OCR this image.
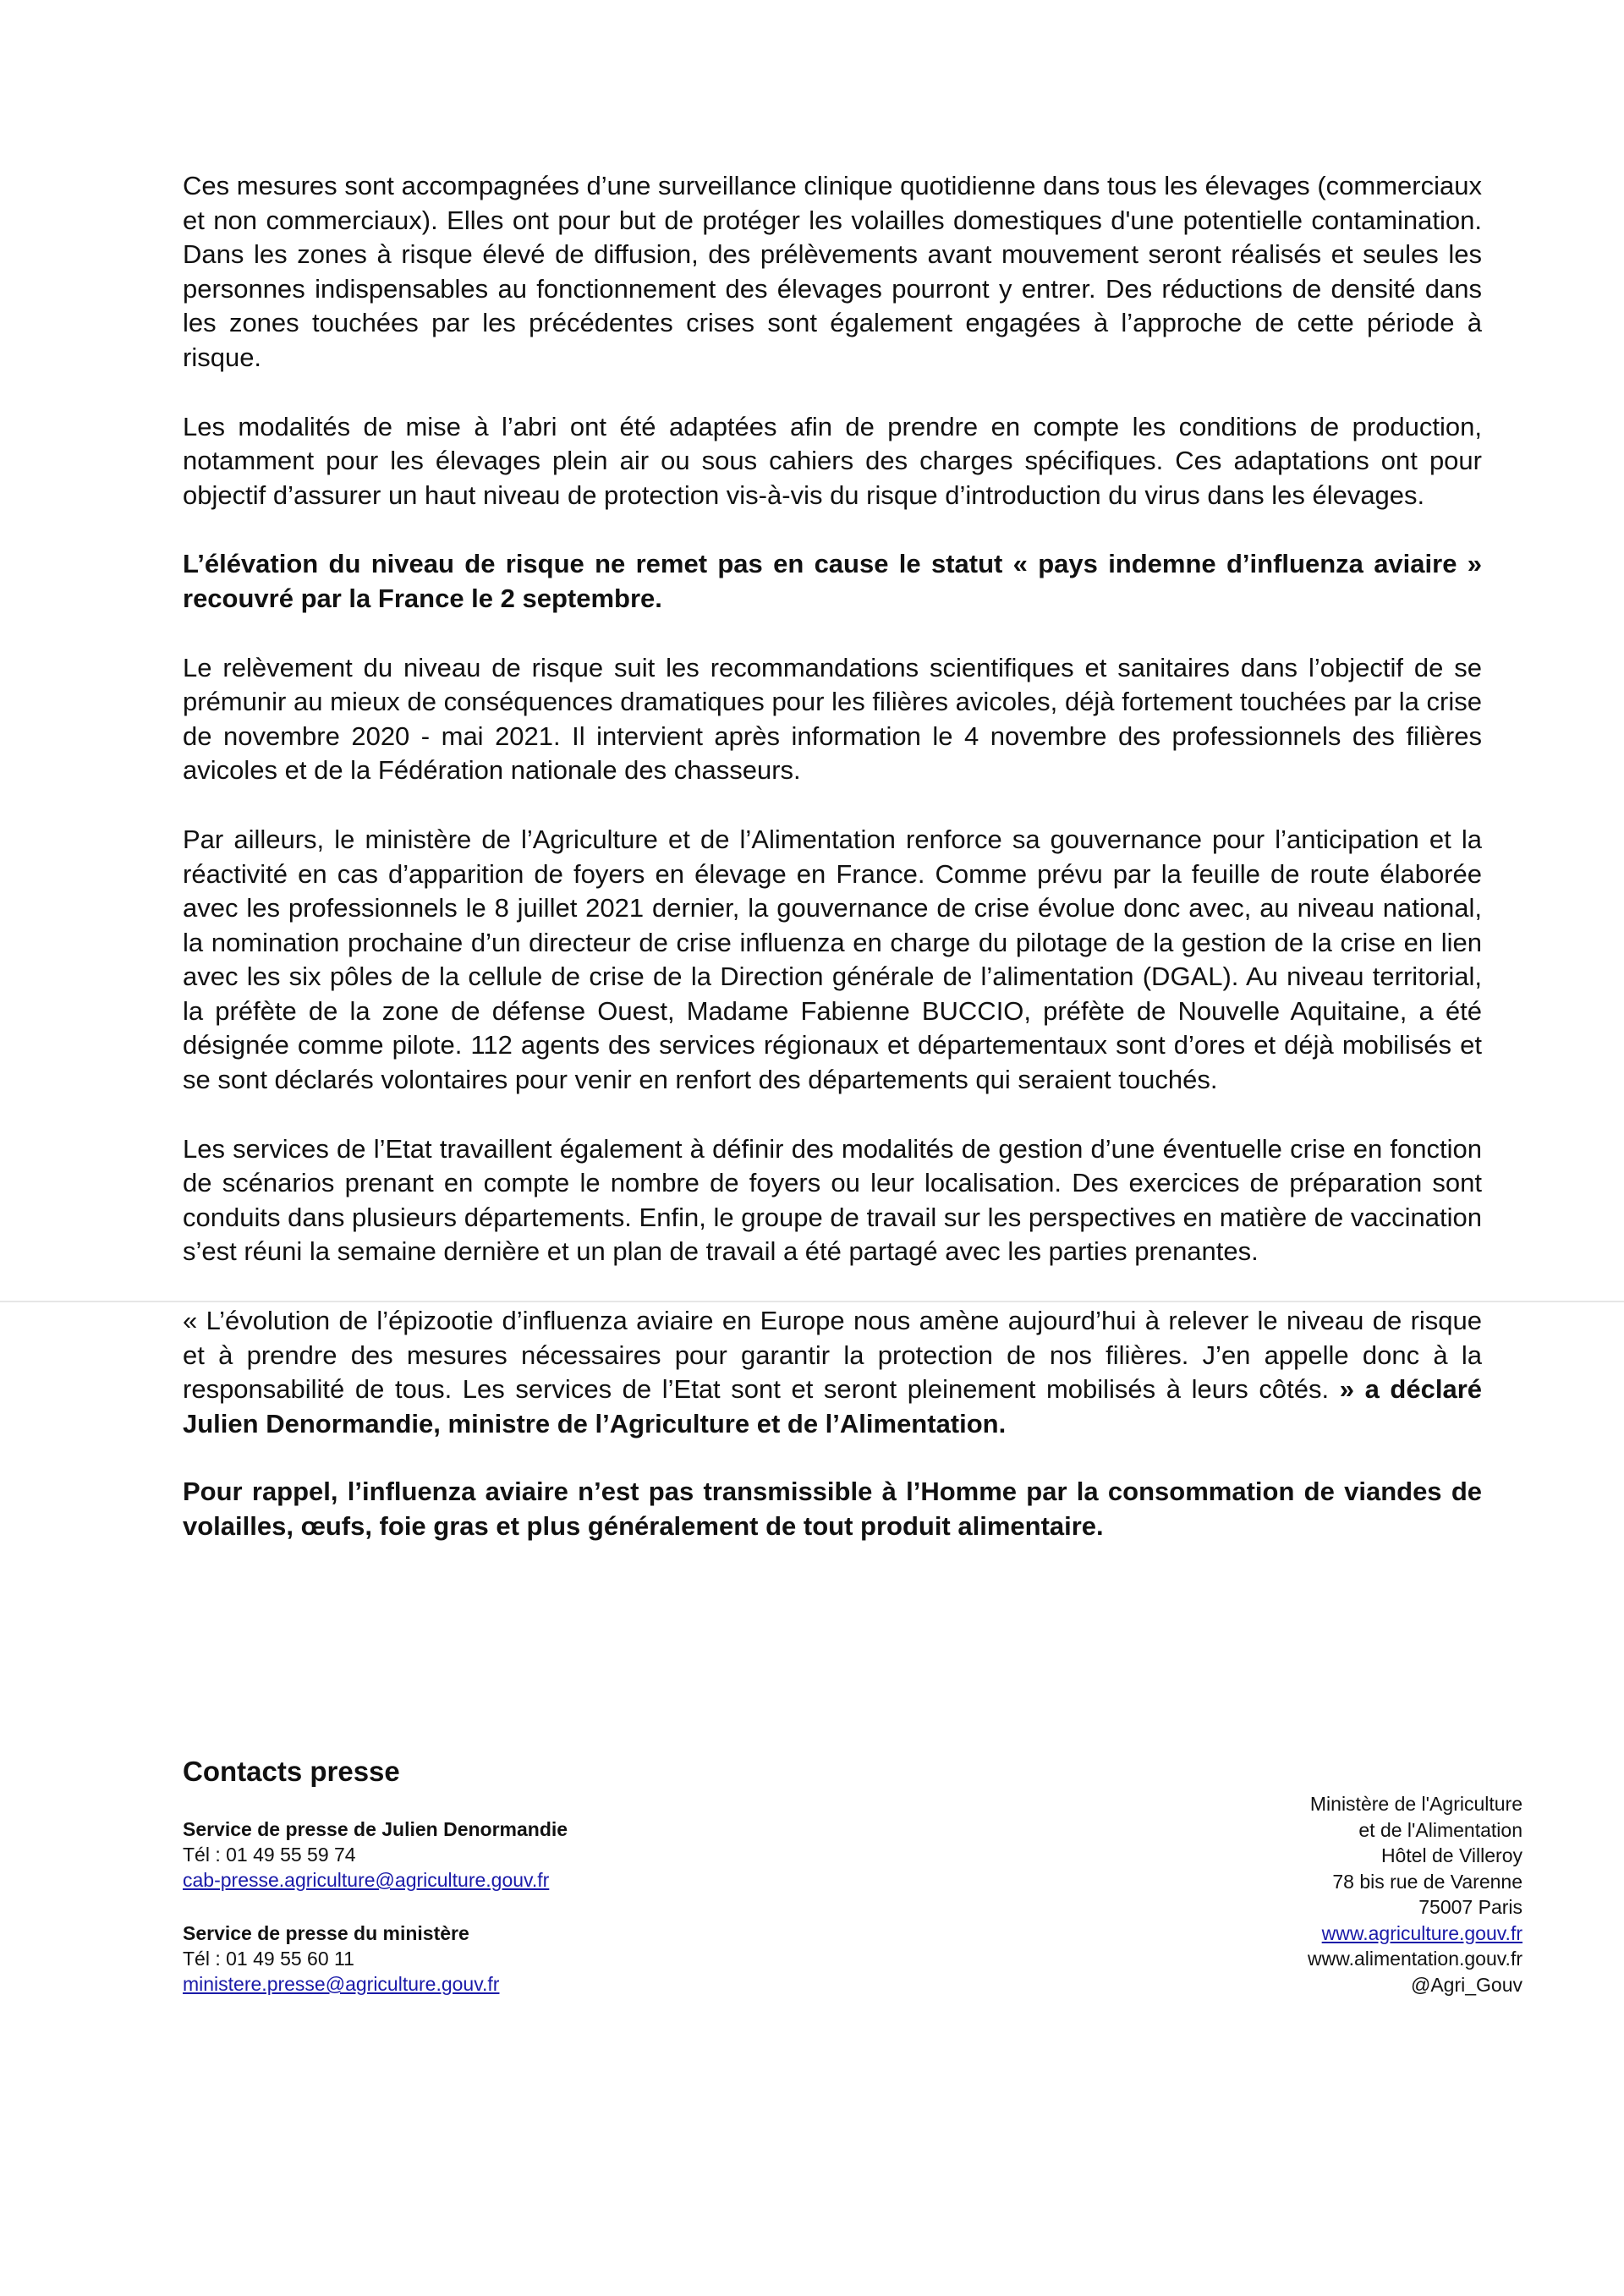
Ces mesures sont accompagnées d’une surveillance clinique quotidienne dans tous les élevages (commerciaux et non commerciaux). Elles ont pour but de protéger les volailles domestiques d'une potentielle contamination. Dans les zones à risque élevé de diffusion, des prélèvements avant mouvement seront réalisés et seules les personnes indispensables au fonctionnement des élevages pourront y entrer. Des réductions de densité dans les zones touchées par les précédentes crises sont également engagées à l’approche de cette période à risque.

Les modalités de mise à l’abri ont été adaptées afin de prendre en compte les conditions de production, notamment pour les élevages plein air ou sous cahiers des charges spécifiques. Ces adaptations ont pour objectif d’assurer un haut niveau de protection vis-à-vis du risque d’introduction du virus dans les élevages.

L’élévation du niveau de risque ne remet pas en cause le statut « pays indemne d’influenza aviaire » recouvré par la France le 2 septembre.

Le relèvement du niveau de risque suit les recommandations scientifiques et sanitaires dans l’objectif de se prémunir au mieux de conséquences dramatiques pour les filières avicoles, déjà fortement touchées par la crise de novembre 2020 - mai 2021. Il intervient après information le 4 novembre des professionnels des filières avicoles et de la Fédération nationale des chasseurs.

Par ailleurs, le ministère de l’Agriculture et de l’Alimentation renforce sa gouvernance pour l’anticipation et la réactivité en cas d’apparition de foyers en élevage en France. Comme prévu par la feuille de route élaborée avec les professionnels le 8 juillet 2021 dernier, la gouvernance de crise évolue donc avec, au niveau national, la nomination prochaine d’un directeur de crise influenza en charge du pilotage de la gestion de la crise en lien avec les six pôles de la cellule de crise de la Direction générale de l’alimentation (DGAL). Au niveau territorial, la préfète de la zone de défense Ouest, Madame Fabienne BUCCIO, préfète de Nouvelle Aquitaine, a été désignée comme pilote. 112 agents des services régionaux et départementaux sont d’ores et déjà mobilisés et se sont déclarés volontaires pour venir en renfort des départements qui seraient touchés.

Les services de l’Etat travaillent également à définir des modalités de gestion d’une éventuelle crise en fonction de scénarios prenant en compte le nombre de foyers ou leur localisation. Des exercices de préparation sont conduits dans plusieurs départements. Enfin, le groupe de travail sur les perspectives en matière de vaccination s’est réuni la semaine dernière et un plan de travail a été partagé avec les parties prenantes.

« L’évolution de l’épizootie d’influenza aviaire en Europe nous amène aujourd’hui à relever le niveau de risque et à prendre des mesures nécessaires pour garantir la protection de nos filières. J’en appelle donc à la responsabilité de tous. Les services de l’Etat sont et seront pleinement mobilisés à leurs côtés. » a déclaré Julien Denormandie, ministre de l’Agriculture et de l’Alimentation.

Pour rappel, l’influenza aviaire n’est pas transmissible à l’Homme par la consommation de viandes de volailles, œufs, foie gras et plus généralement de tout produit alimentaire.

Contacts presse
Service de presse de Julien Denormandie
Tél : 01 49 55 59 74
cab-presse.agriculture@agriculture.gouv.fr
Service de presse du ministère
Tél : 01 49 55 60 11
ministere.presse@agriculture.gouv.fr
Ministère de l'Agriculture
et de l'Alimentation
Hôtel de Villeroy
78 bis rue de Varenne
75007 Paris
www.agriculture.gouv.fr
www.alimentation.gouv.fr
@Agri_Gouv
